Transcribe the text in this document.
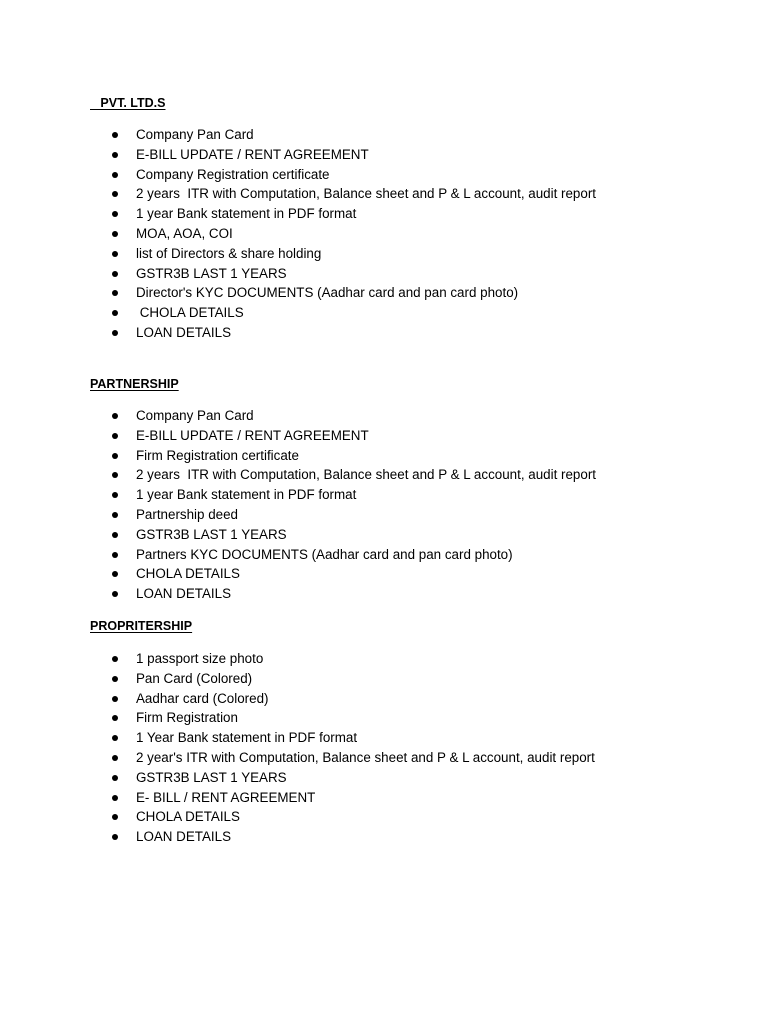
PVT. LTD.S
Company Pan Card
E-BILL UPDATE / RENT AGREEMENT
Company Registration certificate
2 years  ITR with Computation, Balance sheet and P & L account, audit report
1 year Bank statement in PDF format
MOA, AOA, COI
list of Directors & share holding
GSTR3B LAST 1 YEARS
Director's KYC DOCUMENTS (Aadhar card and pan card photo)
CHOLA DETAILS
LOAN DETAILS
PARTNERSHIP
Company Pan Card
E-BILL UPDATE / RENT AGREEMENT
Firm Registration certificate
2 years  ITR with Computation, Balance sheet and P & L account, audit report
1 year Bank statement in PDF format
Partnership deed
GSTR3B LAST 1 YEARS
Partners KYC DOCUMENTS (Aadhar card and pan card photo)
CHOLA DETAILS
LOAN DETAILS
PROPRITERSHIP
1 passport size photo
Pan Card (Colored)
Aadhar card (Colored)
Firm Registration
1 Year Bank statement in PDF format
2 year's ITR with Computation, Balance sheet and P & L account, audit report
GSTR3B LAST 1 YEARS
E- BILL / RENT AGREEMENT
CHOLA DETAILS
LOAN DETAILS
